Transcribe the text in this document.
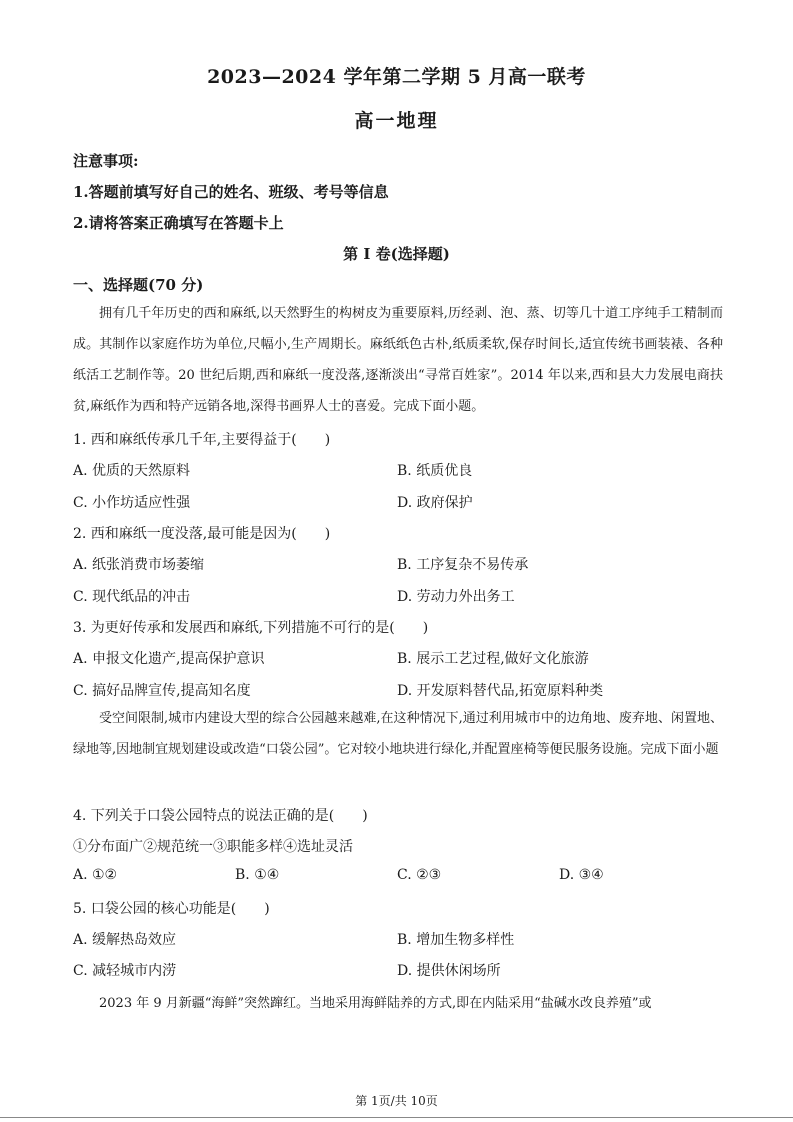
2023—2024 学年第二学期 5 月高一联考
高一地理
注意事项:
1.答题前填写好自己的姓名、班级、考号等信息
2.请将答案正确填写在答题卡上
第 I 卷(选择题)
一、选择题(70 分)

拥有几千年历史的西和麻纸,以天然野生的构树皮为重要原料,历经剥、泡、蒸、切等几十道工序纯手工精制而成。其制作以家庭作坊为单位,尺幅小,生产周期长。麻纸纸色古朴,纸质柔软,保存时间长,适宜传统书画装裱、各种纸活工艺制作等。20 世纪后期,西和麻纸一度没落,逐渐淡出“寻常百姓家”。2014 年以来,西和县大力发展电商扶贫,麻纸作为西和特产远销各地,深得书画界人士的喜爱。完成下面小题。

1. 西和麻纸传承几千年,主要得益于(　　)
A. 优质的天然原料	B. 纸质优良
C. 小作坊适应性强	D. 政府保护
2. 西和麻纸一度没落,最可能是因为(　　)
A. 纸张消费市场萎缩	B. 工序复杂不易传承
C. 现代纸品的冲击	D. 劳动力外出务工
3. 为更好传承和发展西和麻纸,下列措施不可行的是(　　)
A. 申报文化遗产,提高保护意识	B. 展示工艺过程,做好文化旅游
C. 搞好品牌宣传,提高知名度	D. 开发原料替代品,拓宽原料种类

受空间限制,城市内建设大型的综合公园越来越难,在这种情况下,通过利用城市中的边角地、废弃地、闲置地、绿地等,因地制宜规划建设或改造“口袋公园”。它对较小地块进行绿化,并配置座椅等便民服务设施。完成下面小题

4. 下列关于口袋公园特点的说法正确的是(　　)
①分布面广②规范统一③职能多样④选址灵活
A. ①②	B. ①④	C. ②③	D. ③④
5. 口袋公园的核心功能是(　　)
A. 缓解热岛效应	B. 增加生物多样性
C. 减轻城市内涝	D. 提供休闲场所
2023 年 9 月新疆“海鲜”突然蹿红。当地采用海鲜陆养的方式,即在内陆采用“盐碱水改良养殖”或
第 1页/共 10页
